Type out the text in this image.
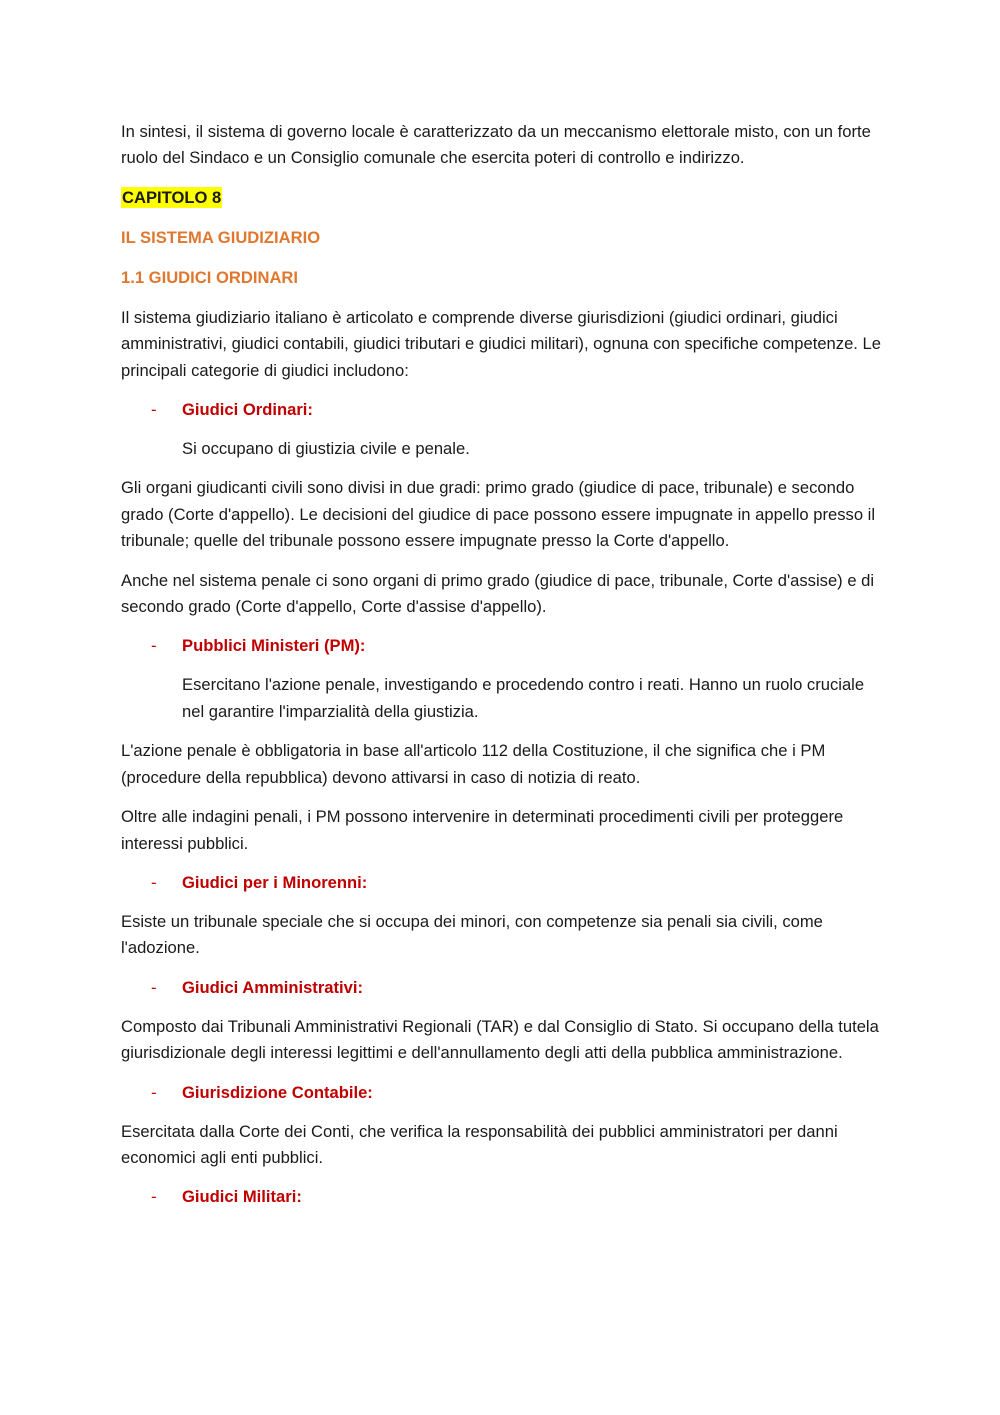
In sintesi, il sistema di governo locale è caratterizzato da un meccanismo elettorale misto, con un forte ruolo del Sindaco e un Consiglio comunale che esercita poteri di controllo e indirizzo.

CAPITOLO 8

IL SISTEMA GIUDIZIARIO

1.1 GIUDICI ORDINARI

Il sistema giudiziario italiano è articolato e comprende diverse giurisdizioni (giudici ordinari, giudici amministrativi, giudici contabili, giudici tributari e giudici militari), ognuna con specifiche competenze. Le principali categorie di giudici includono:

- Giudici Ordinari:

Si occupano di giustizia civile e penale.

Gli organi giudicanti civili sono divisi in due gradi: primo grado (giudice di pace, tribunale) e secondo grado (Corte d'appello). Le decisioni del giudice di pace possono essere impugnate in appello presso il tribunale; quelle del tribunale possono essere impugnate presso la Corte d'appello.

Anche nel sistema penale ci sono organi di primo grado (giudice di pace, tribunale, Corte d'assise) e di secondo grado (Corte d'appello, Corte d'assise d'appello).

- Pubblici Ministeri (PM):

Esercitano l'azione penale, investigando e procedendo contro i reati. Hanno un ruolo cruciale nel garantire l'imparzialità della giustizia.

L'azione penale è obbligatoria in base all'articolo 112 della Costituzione, il che significa che i PM (procedure della repubblica) devono attivarsi in caso di notizia di reato.

Oltre alle indagini penali, i PM possono intervenire in determinati procedimenti civili per proteggere interessi pubblici.

- Giudici per i Minorenni:

Esiste un tribunale speciale che si occupa dei minori, con competenze sia penali sia civili, come l'adozione.

- Giudici Amministrativi:

Composto dai Tribunali Amministrativi Regionali (TAR) e dal Consiglio di Stato. Si occupano della tutela giurisdizionale degli interessi legittimi e dell'annullamento degli atti della pubblica amministrazione.

- Giurisdizione Contabile:

Esercitata dalla Corte dei Conti, che verifica la responsabilità dei pubblici amministratori per danni economici agli enti pubblici.

- Giudici Militari:
